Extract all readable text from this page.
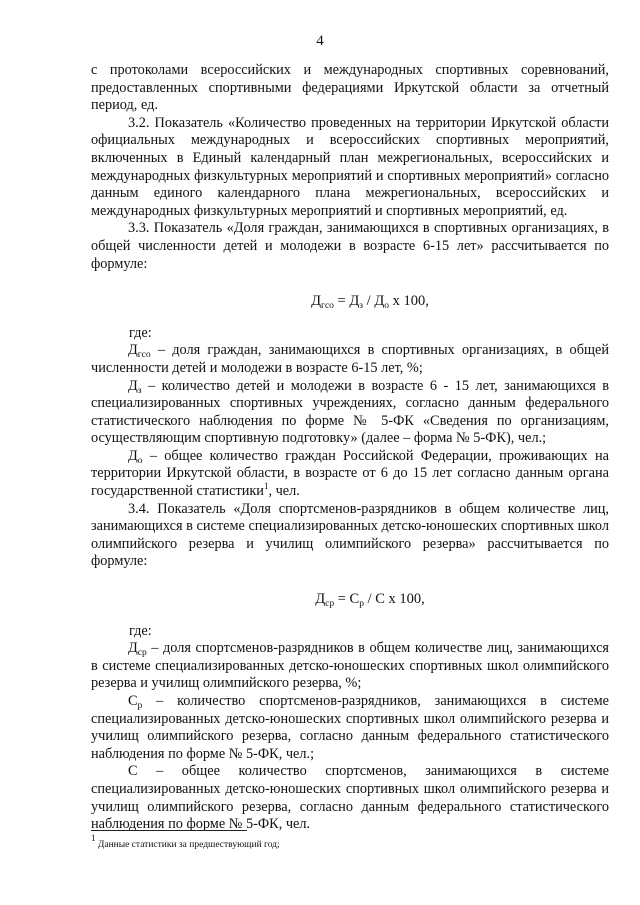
4

с протоколами всероссийских и международных спортивных соревнований, предоставленных спортивными федерациями Иркутской области за отчетный период, ед.

3.2. Показатель «Количество проведенных на территории Иркутской области официальных международных и всероссийских спортивных мероприятий, включенных в Единый календарный план межрегиональных, всероссийских и международных физкультурных мероприятий и спортивных мероприятий» согласно данным единого календарного плана межрегиональных, всероссийских и международных физкультурных мероприятий и спортивных мероприятий, ед.

3.3. Показатель «Доля граждан, занимающихся в спортивных организациях, в общей численности детей и молодежи в возрасте 6-15 лет» рассчитывается по формуле:

$Д_{гсо} = Д_з / Д_о$ х 100,

где:

$Д_{гсо}$ – доля граждан, занимающихся в спортивных организациях, в общей численности детей и молодежи в возрасте 6-15 лет, %;

$Д_з$ – количество детей и молодежи в возрасте 6 - 15 лет, занимающихся в специализированных спортивных учреждениях, согласно данным федерального статистического наблюдения по форме № 5-ФК «Сведения по организациям, осуществляющим спортивную подготовку» (далее – форма № 5-ФК), чел.;

$Д_о$ – общее количество граждан Российской Федерации, проживающих на территории Иркутской области, в возрасте от 6 до 15 лет согласно данным органа государственной статистики$^1$, чел.

3.4. Показатель «Доля спортсменов-разрядников в общем количестве лиц, занимающихся в системе специализированных детско-юношеских спортивных школ олимпийского резерва и училищ олимпийского резерва» рассчитывается по формуле:

$Д_{ср} = С_р / С$ х 100,

где:

$Д_{ср}$ – доля спортсменов-разрядников в общем количестве лиц, занимающихся в системе специализированных детско-юношеских спортивных школ олимпийского резерва и училищ олимпийского резерва, %;

$С_р$ – количество спортсменов-разрядников, занимающихся в системе специализированных детско-юношеских спортивных школ олимпийского резерва и училищ олимпийского резерва, согласно данным федерального статистического наблюдения по форме № 5-ФК, чел.;

С – общее количество спортсменов, занимающихся в системе специализированных детско-юношеских спортивных школ олимпийского резерва и училищ олимпийского резерва, согласно данным федерального статистического наблюдения по форме № 5-ФК, чел.

$^1$ Данные статистики за предшествующий год;
